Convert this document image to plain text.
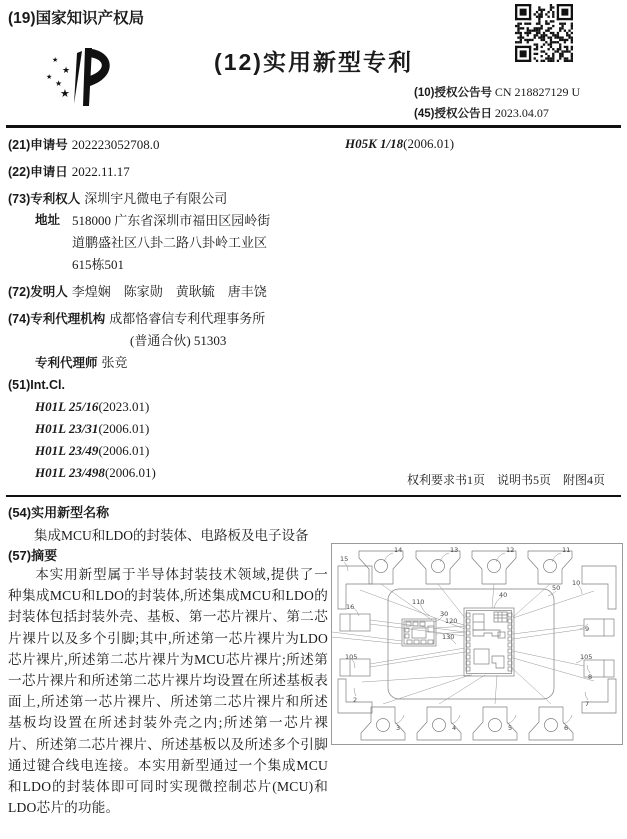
(19)国家知识产权局
★
★
★
★
★
(12)实用新型专利
(10)授权公告号 CN 218827129 U
(45)授权公告日 2023.04.07
(21)申请号 202223052708.0	H05K 1/18(2006.01)
(22)申请日 2022.11.17
(73)专利权人 深圳宇凡微电子有限公司
地址 518000 广东省深圳市福田区园岭街
道鹏盛社区八卦二路八卦岭工业区
615栋501
(72)发明人 李煌娴　陈家勋　黄耿毓　唐丰饶
(74)专利代理机构 成都恪睿信专利代理事务所
(普通合伙) 51303
专利代理师 张竞
(51)Int.Cl.
H01L 25/16(2023.01)
H01L 23/31(2006.01)
H01L 23/49(2006.01)
H01L 23/498(2006.01)	权利要求书1页　说明书5页　附图4页
(54)实用新型名称
集成MCU和LDO的封装体、电路板及电子设备
(57)摘要
本实用新型属于半导体封装技术领域,提供了一种集成MCU和LDO的封装体,所述集成MCU和LDO的封装体包括封装外壳、基板、第一芯片裸片、第二芯片裸片以及多个引脚;其中,所述第一芯片裸片为LDO芯片裸片,所述第二芯片裸片为MCU芯片裸片;所述第一芯片裸片和所述第二芯片裸片均设置在所述基板表面上,所述第一芯片裸片、所述第二芯片裸片和所述基板均设置在所述封装外壳之内;所述第一芯片裸片、所述第二芯片裸片、所述基板以及所述多个引脚通过键合线电连接。本实用新型通过一个集成MCU和LDO的封装体即可同时实现微控制芯片(MCU)和LDO芯片的功能。
15
14	13	12	11
10
50
16
9
105	105
8
2	7
3	4	5	6
110
30
40
120
130
